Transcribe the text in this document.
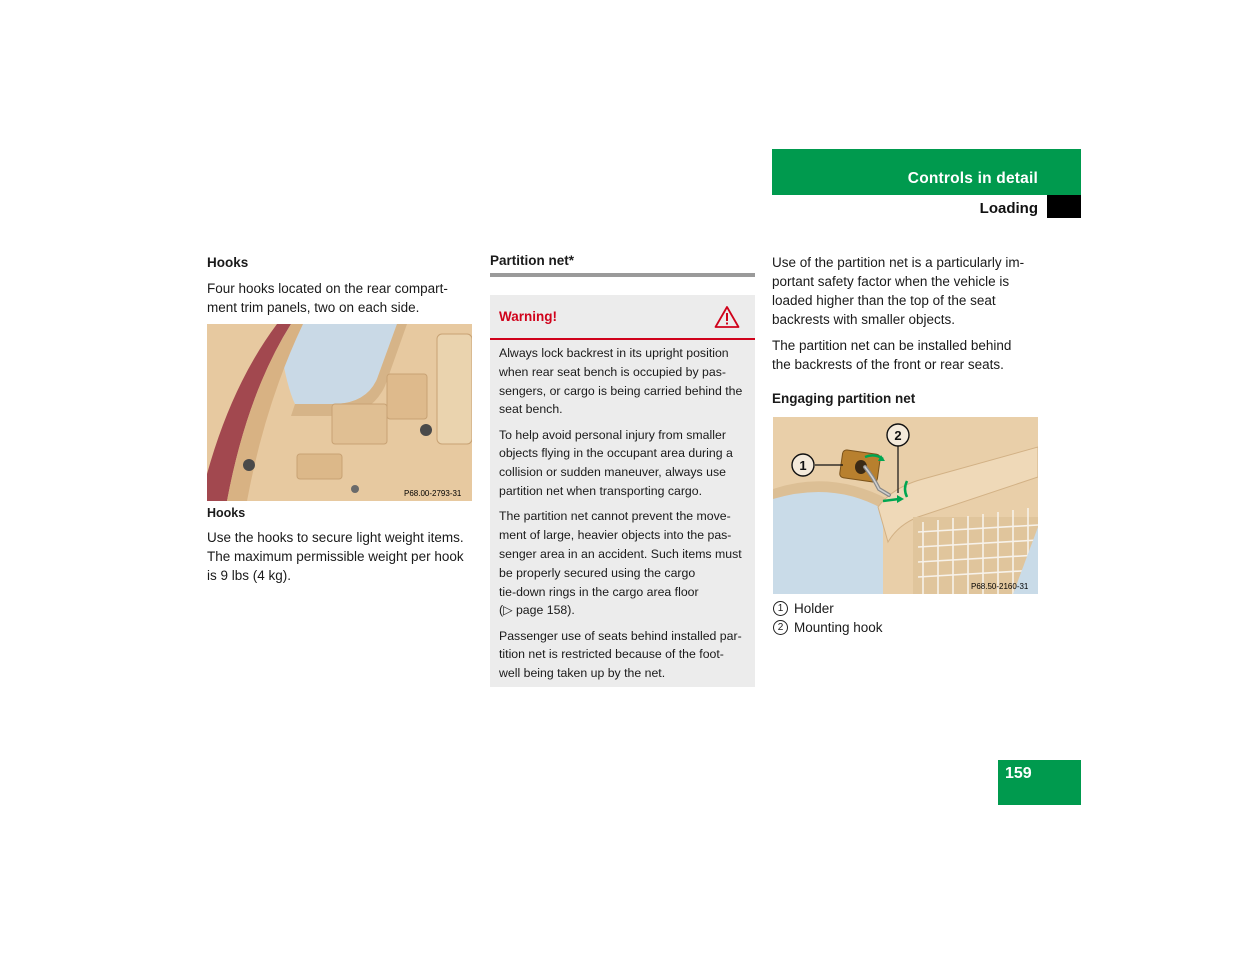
Controls in detail
Loading
Hooks

Four hooks located on the rear compart-

ment trim panels, two on each side.

P68.00-2793-31
Hooks

Use the hooks to secure light weight items.

The maximum permissible weight per hook

is 9 lbs (4 kg).

Partition net*
Warning!

Always lock backrest in its upright position
when rear seat bench is occupied by pas-
sengers, or cargo is being carried behind the
seat bench.

To help avoid personal injury from smaller
objects flying in the occupant area during a
collision or sudden maneuver, always use
partition net when transporting cargo.

The partition net cannot prevent the move-
ment of large, heavier objects into the pas-
senger area in an accident. Such items must
be properly secured using the cargo
tie-down rings in the cargo area floor
(▷ page 158).

Passenger use of seats behind installed par-
tition net is restricted because of the foot-
well being taken up by the net.

Use of the partition net is a particularly im-
portant safety factor when the vehicle is
loaded higher than the top of the seat
backrests with smaller objects.

The partition net can be installed behind
the backrests of the front or rear seats.

Engaging partition net
1
2
P68.50-2160-31
1 Holder
2 Mounting hook
159
